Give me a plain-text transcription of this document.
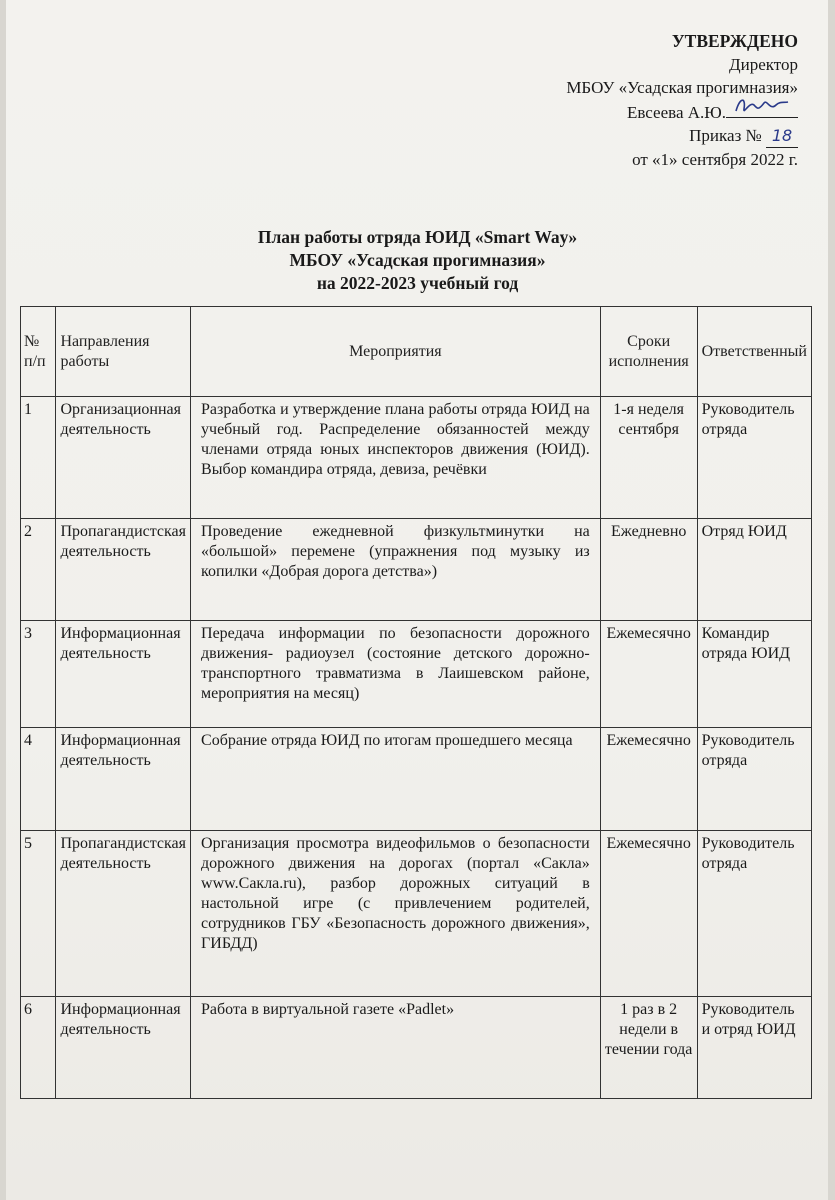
УТВЕРЖДЕНО
Директор
МБОУ «Усадская прогимназия»
Евсеева А.Ю.
Приказ № 18
от «1» сентября 2022 г.
План работы отряда ЮИД «Smart Way»
МБОУ «Усадская прогимназия»
на 2022-2023 учебный год
№ п/п	Направления работы	Мероприятия	Сроки исполнения	Ответственный
1	Организационная деятельность	Разработка и утверждение плана работы отряда ЮИД на учебный год. Распределение обязанностей между членами отряда юных инспекторов движения (ЮИД). Выбор командира отряда, девиза, речёвки	1-я неделя сентября	Руководитель отряда
2	Пропагандистская деятельность	Проведение ежедневной физкультминутки на «большой» перемене (упражнения под музыку из копилки «Добрая дорога детства»)	Ежедневно	Отряд ЮИД
3	Информационная деятельность	Передача информации по безопасности дорожного движения- радиоузел (состояние детского дорожно-транспортного травматизма в Лаишевском районе, мероприятия на месяц)	Ежемесячно	Командир отряда ЮИД
4	Информационная деятельность	Собрание отряда ЮИД по итогам прошедшего месяца	Ежемесячно	Руководитель отряда
5	Пропагандистская деятельность	Организация просмотра видеофильмов о безопасности дорожного движения на дорогах (портал «Сакла» www.Сакла.ru), разбор дорожных ситуаций в настольной игре (с привлечением родителей, сотрудников ГБУ «Безопасность дорожного движения», ГИБДД)	Ежемесячно	Руководитель отряда
6	Информационная деятельность	Работа в виртуальной газете «Padlet»	1 раз в 2 недели в течении года	Руководитель и отряд ЮИД
